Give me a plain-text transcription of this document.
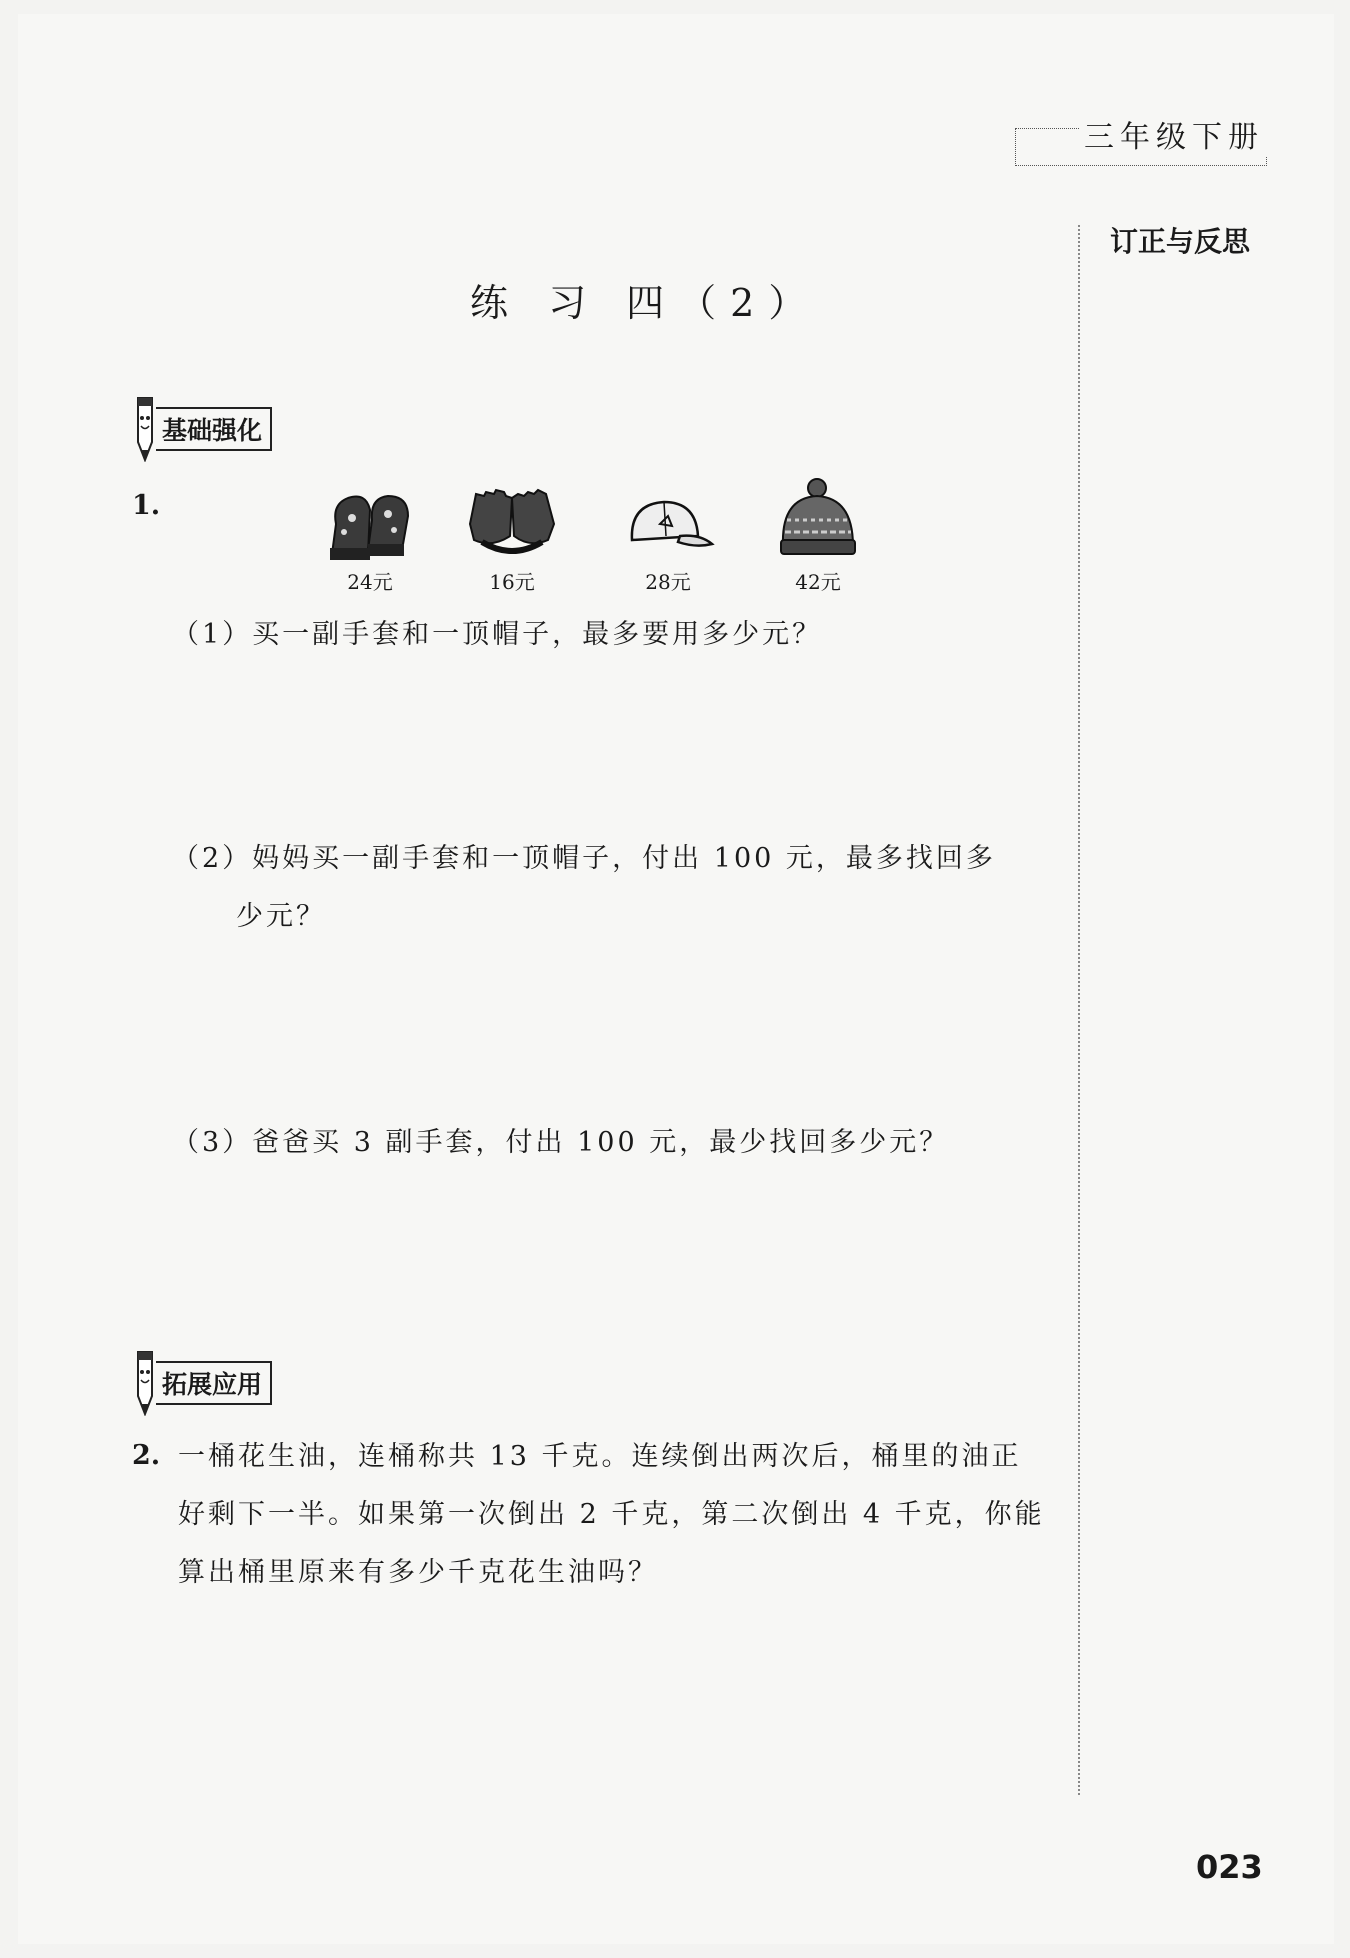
三年级下册
订正与反思
练 习 四（2）
基础强化
1.
24元	16元	28元	42元
（1）买一副手套和一顶帽子，最多要用多少元？
（2）妈妈买一副手套和一顶帽子，付出 100 元，最多找回多
少元？
（3）爸爸买 3 副手套，付出 100 元，最少找回多少元？
拓展应用
2. 一桶花生油，连桶称共 13 千克。连续倒出两次后，桶里的油正
好剩下一半。如果第一次倒出 2 千克，第二次倒出 4 千克，你能
算出桶里原来有多少千克花生油吗？
023
